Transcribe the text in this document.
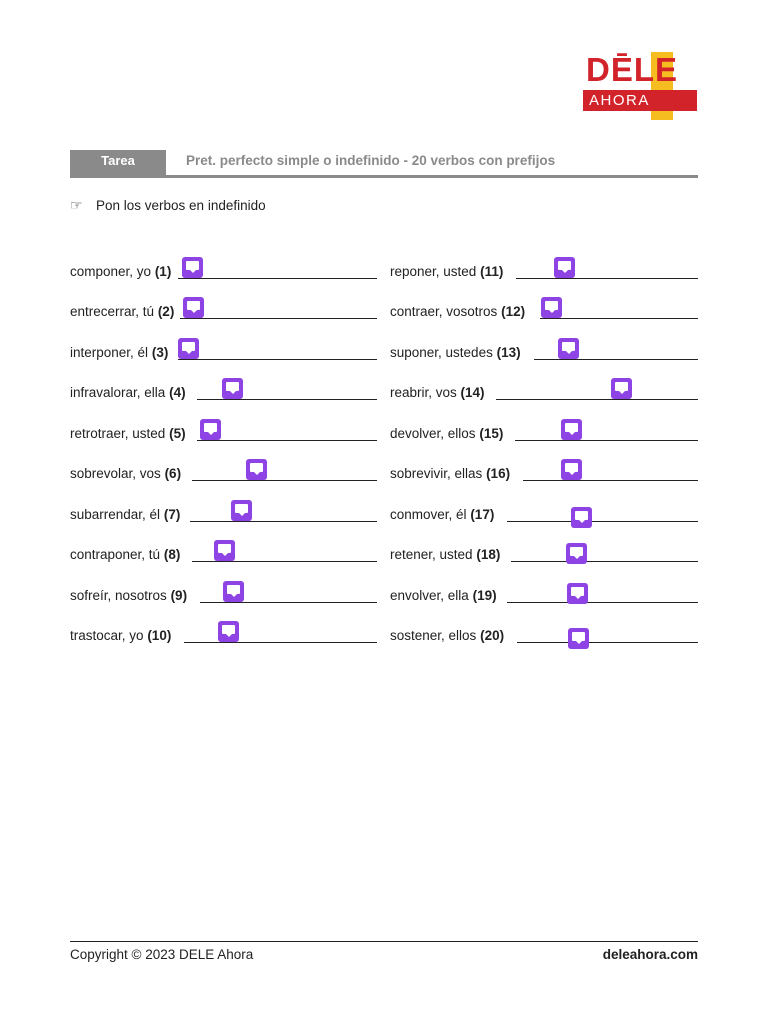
DĒLE
AHORA
Tarea	Pret. perfecto simple o indefinido - 20 verbos con prefijos
☞ Pon los verbos en indefinido
componer, yo (1)
entrecerrar, tú (2)
interponer, él (3)
infravalorar, ella (4)
retrotraer, usted (5)
sobrevolar, vos (6)
subarrendar, él (7)
contraponer, tú (8)
sofreír, nosotros (9)
trastocar, yo (10)
reponer, usted (11)
contraer, vosotros (12)
suponer, ustedes (13)
reabrir, vos (14)
devolver, ellos (15)
sobrevivir, ellas (16)
conmover, él (17)
retener, usted (18)
envolver, ella (19)
sostener, ellos (20)
Copyright © 2023 DELE Ahora	deleahora.com
